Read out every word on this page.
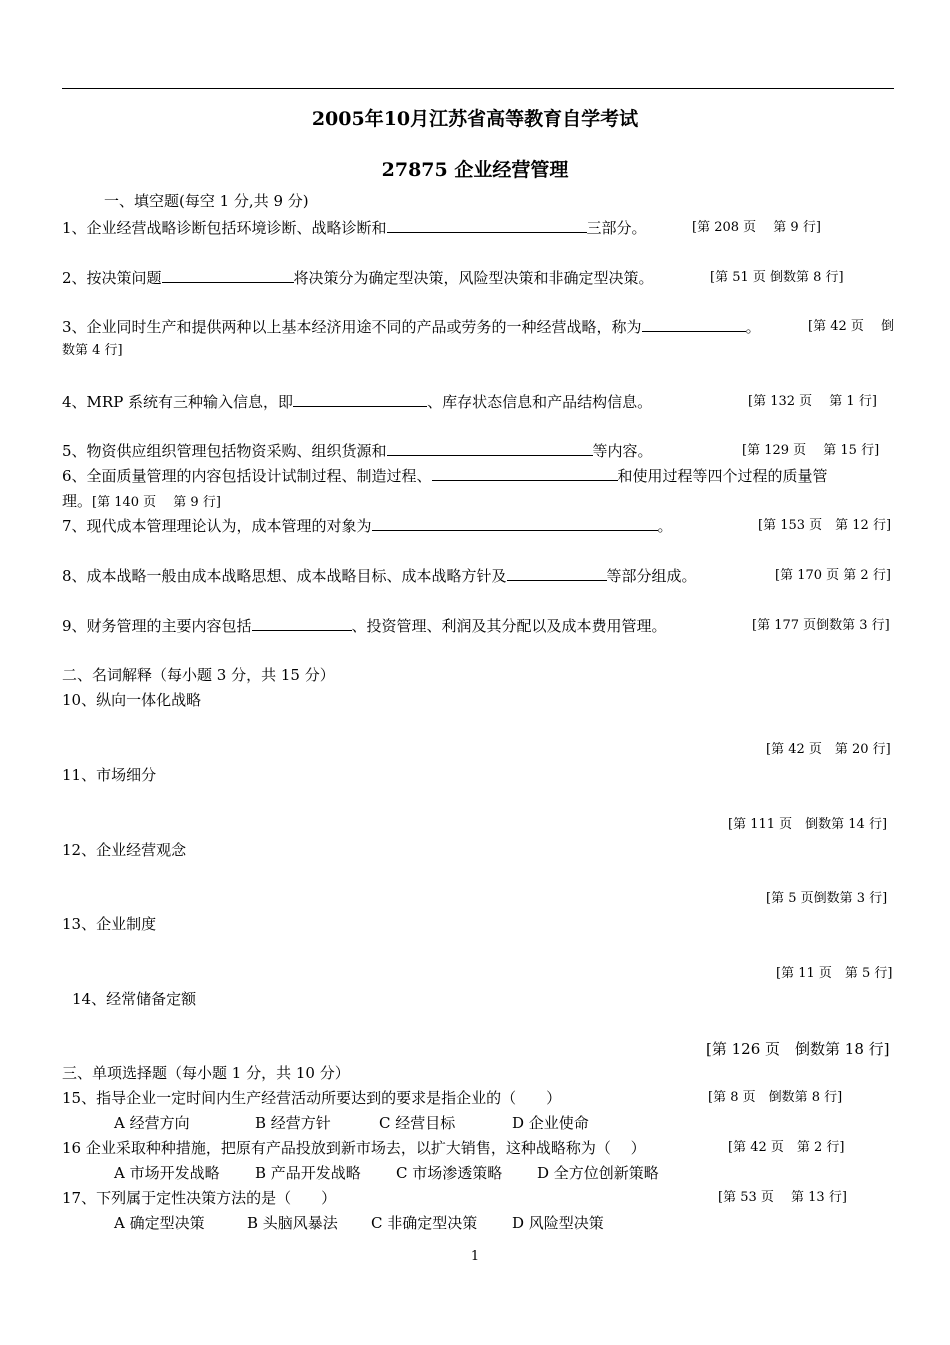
2005年10月江苏省高等教育自学考试
27875 企业经营管理
一、填空题(每空 1 分,共 9 分)
1、企业经营战略诊断包括环境诊断、战略诊断和	三部分。	[第 208 页　 第 9 行]
2、按决策问题	将决策分为确定型决策，风险型决策和非确定型决策。	[第 51 页 倒数第 8 行]
3、企业同时生产和提供两种以上基本经济用途不同的产品或劳务的一种经营战略，称为	。	[第 42 页　 倒
数第 4 行]
4、MRP 系统有三种输入信息，即	、库存状态信息和产品结构信息。	[第 132 页　 第 1 行]
5、物资供应组织管理包括物资采购、组织货源和	等内容。	[第 129 页　 第 15 行]
6、全面质量管理的内容包括设计试制过程、制造过程、	和使用过程等四个过程的质量管
理。[第 140 页　 第 9 行]
7、现代成本管理理论认为，成本管理的对象为	。	[第 153 页　第 12 行]
8、成本战略一般由成本战略思想、成本战略目标、成本战略方针及	等部分组成。	[第 170 页 第 2 行]
9、财务管理的主要内容包括	、投资管理、利润及其分配以及成本费用管理。	[第 177 页倒数第 3 行]
二、名词解释（每小题 3 分，共 15 分）
10、纵向一体化战略
[第 42 页　第 20 行]
11、市场细分
[第 111 页　倒数第 14 行]
12、企业经营观念
[第 5 页倒数第 3 行]
13、企业制度
[第 11 页　第 5 行]
14、经常储备定额
[第 126 页　倒数第 18 行]
三、单项选择题（每小题 1 分，共 10 分）
15、指导企业一定时间内生产经营活动所要达到的要求是指企业的（　　）	[第 8 页　倒数第 8 行]
A 经营方向	B 经营方针	C 经营目标	D 企业使命
16 企业采取种种措施，把原有产品投放到新市场去，以扩大销售，这种战略称为（　 ）	[第 42 页　第 2 行]
A 市场开发战略 B 产品开发战略 C 市场渗透策略 D 全方位创新策略
17、下列属于定性决策方法的是（　　）	[第 53 页　 第 13 行]
A 确定型决策	B 头脑风暴法 C 非确定型决策 D 风险型决策
1
